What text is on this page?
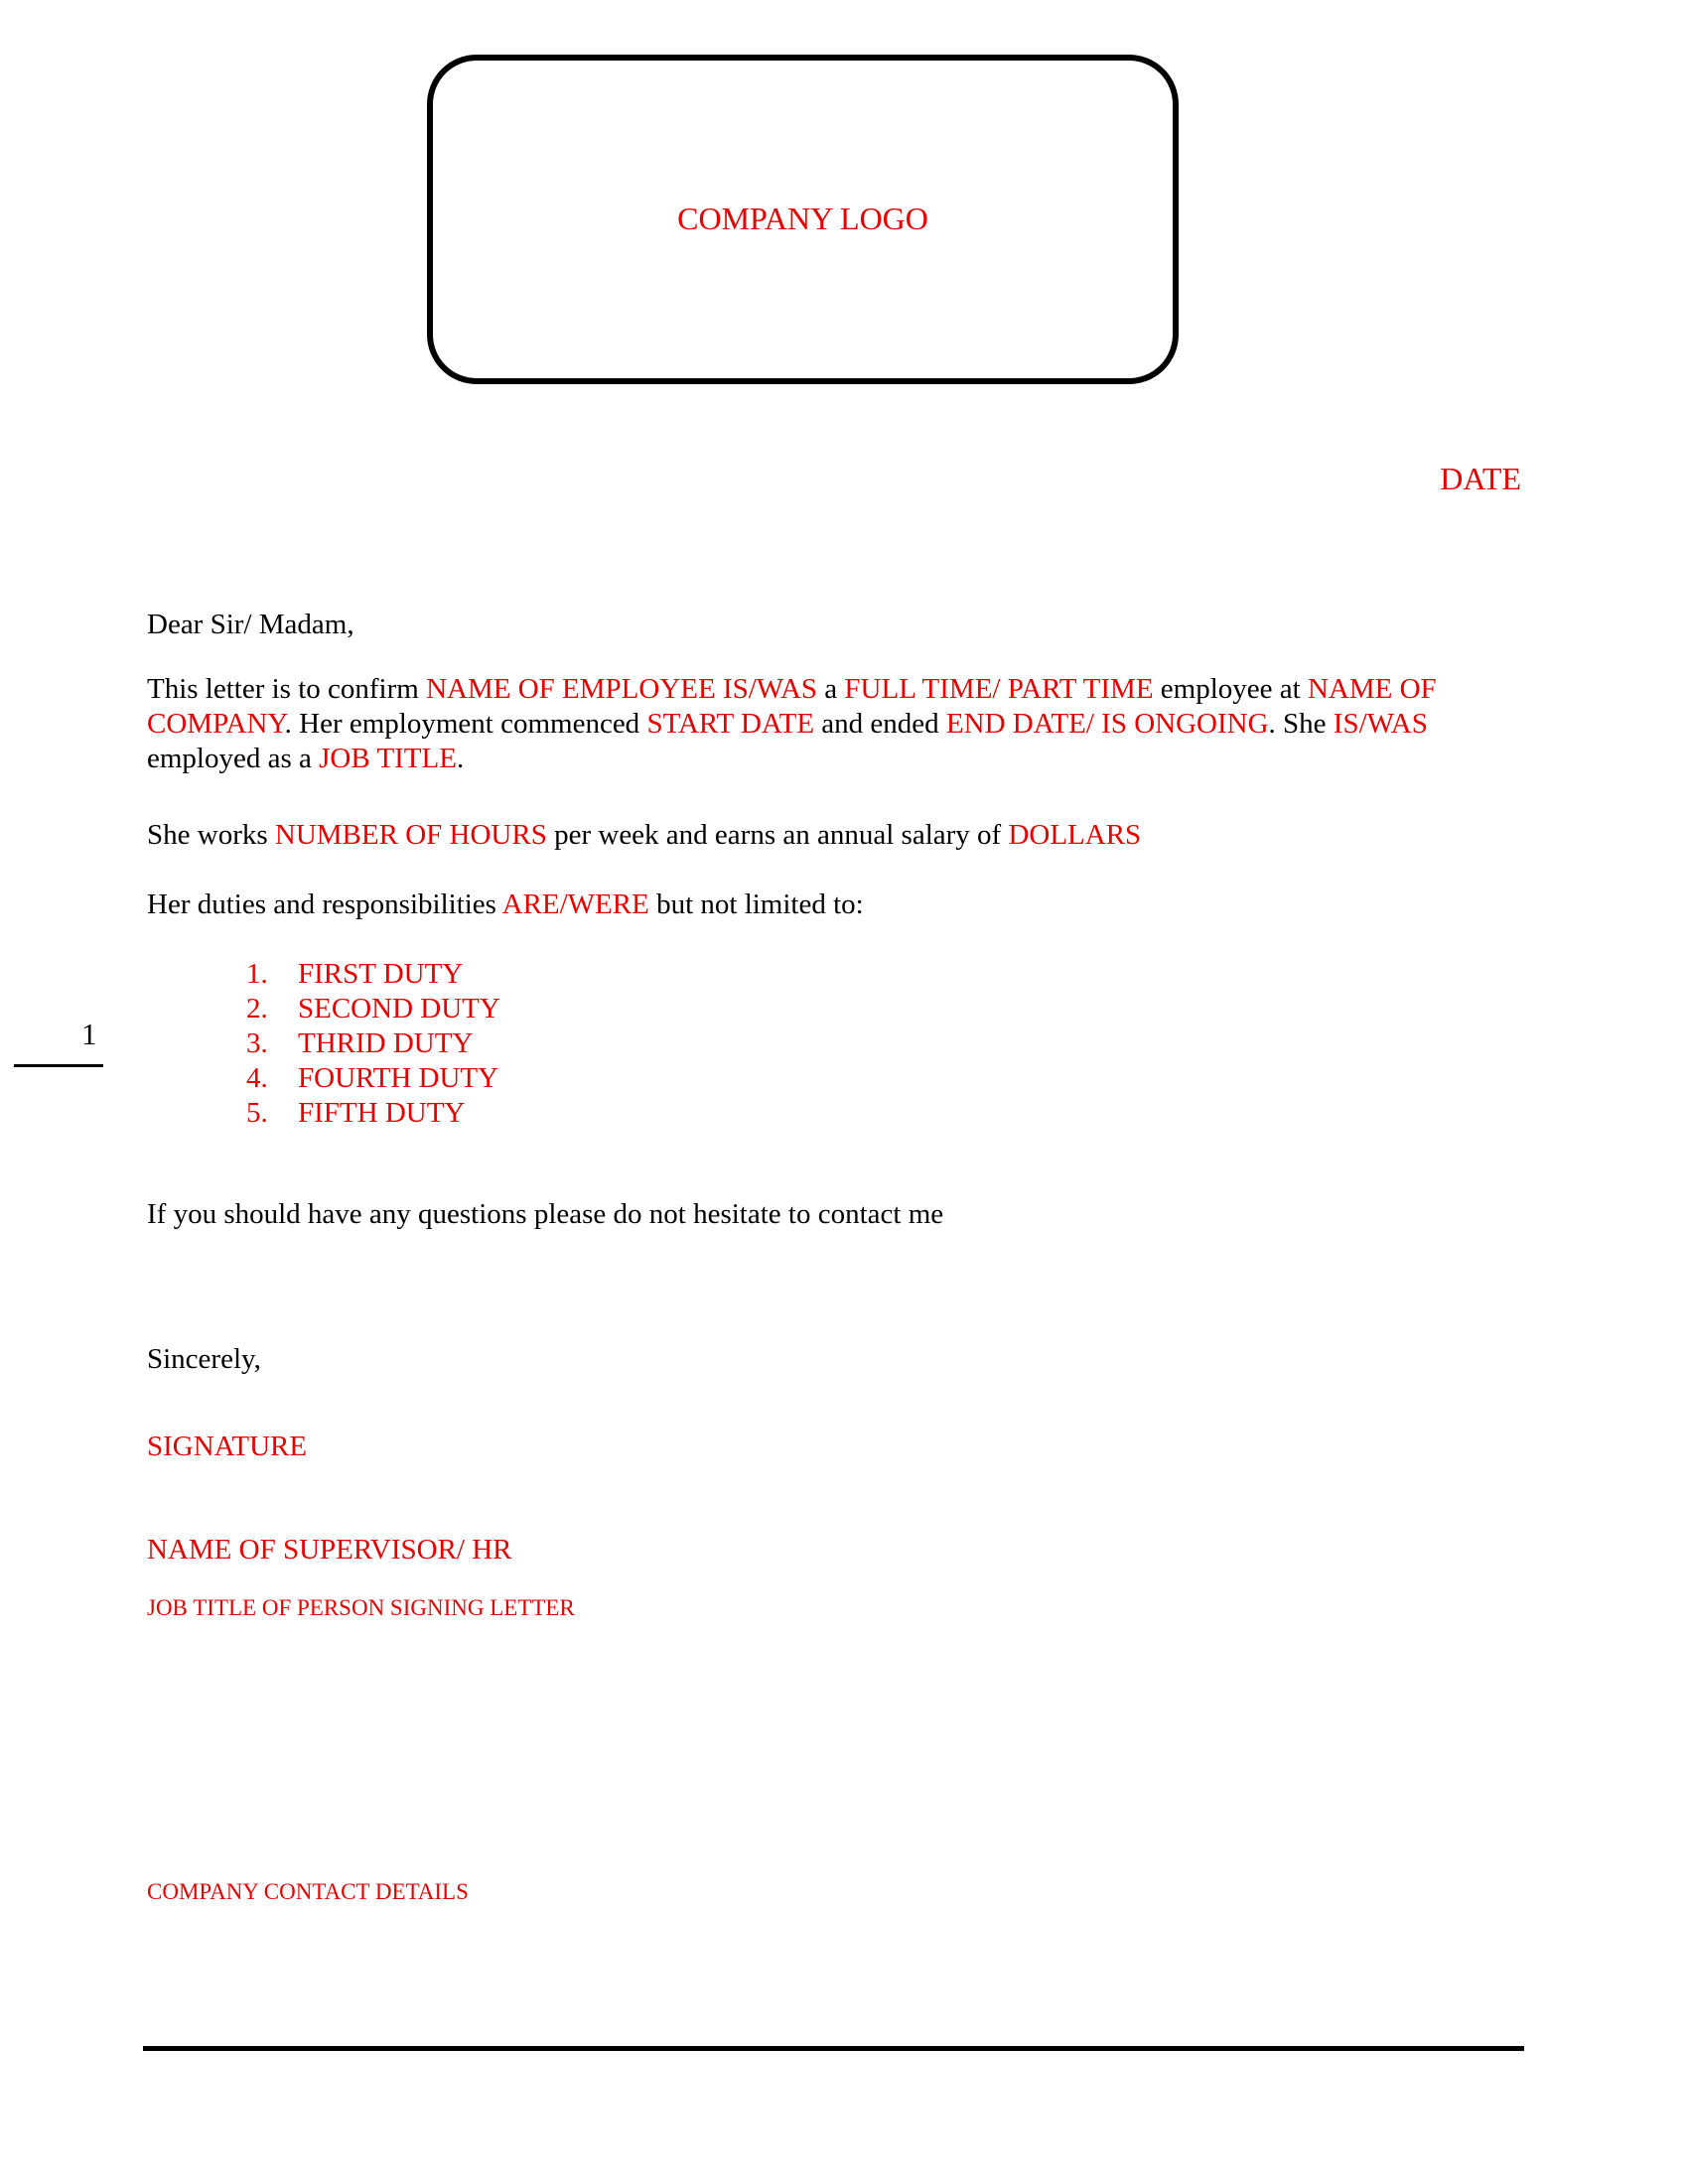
COMPANY LOGO
DATE
Dear Sir/ Madam,
This letter is to confirm NAME OF EMPLOYEE IS/WAS a FULL TIME/ PART TIME employee at NAME OF
COMPANY. Her employment commenced START DATE and ended END DATE/ IS ONGOING. She IS/WAS
employed as a JOB TITLE.
She works NUMBER OF HOURS per week and earns an annual salary of DOLLARS
Her duties and responsibilities ARE/WERE but not limited to:
1. FIRST DUTY
2. SECOND DUTY
3. THRID DUTY
4. FOURTH DUTY
5. FIFTH DUTY
If you should have any questions please do not hesitate to contact me
Sincerely,
SIGNATURE
NAME OF SUPERVISOR/ HR
JOB TITLE OF PERSON SIGNING LETTER
COMPANY CONTACT DETAILS
1
